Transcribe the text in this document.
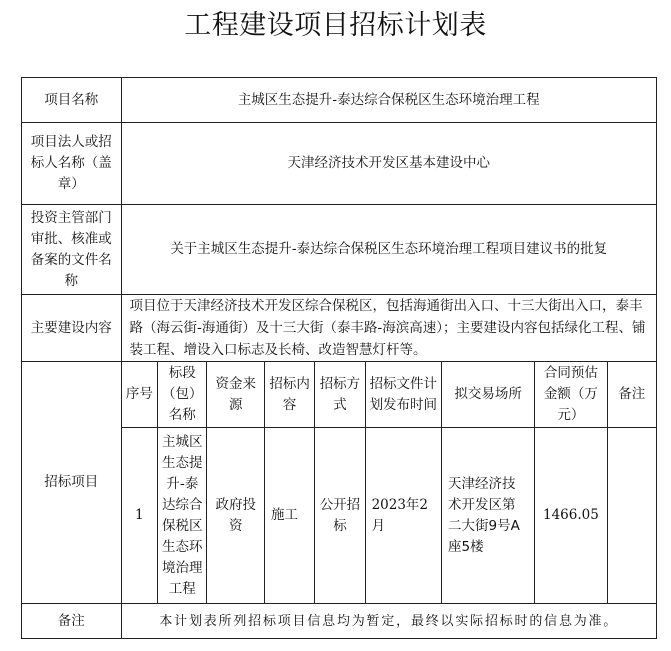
工程建设项目招标计划表
项目名称	主城区生态提升-泰达综合保税区生态环境治理工程								
项目法人或招标人名称（盖章）	天津经济技术开发区基本建设中心								
投资主管部门审批、核准或备案的文件名称	关于主城区生态提升-泰达综合保税区生态环境治理工程项目建议书的批复								
主要建设内容	项目位于天津经济技术开发区综合保税区，包括海通街出入口、十三大街出入口，泰丰路（海云街-海通街）及十三大街（泰丰路-海滨高速）；主要建设内容包括绿化工程、铺装工程、增设入口标志及长椅、改造智慧灯杆等。								
招标项目	序号	标段（包）名称	资金来源	招标内容	招标方式	招标文件计划发布时间	拟交易场所	合同预估金额（万元）	备注
	1	主城区生态提升-泰达综合保税区生态环境治理工程	政府投资	施工	公开招标	2023年2月	天津经济技术开发区第二大街9号A座5楼	1466.05	
备注	本计划表所列招标项目信息均为暂定，最终以实际招标时的信息为准。								
